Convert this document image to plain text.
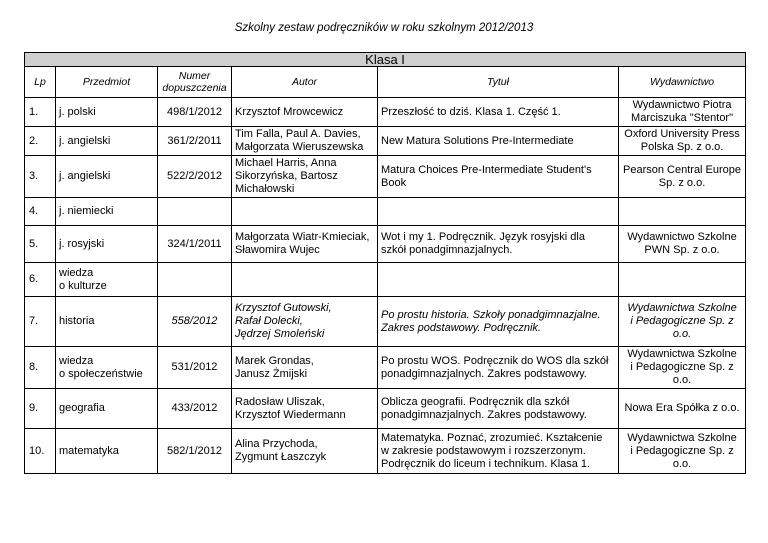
Szkolny zestaw podręczników w roku szkolnym 2012/2013
Klasa I					
Lp	Przedmiot	Numer
dopuszczenia	Autor	Tytuł	Wydawnictwo
1.	j. polski	498/1/2012	Krzysztof Mrowcewicz	Przeszłość to dziś. Klasa 1. Część 1.	Wydawnictwo Piotra
Marciszuka "Stentor"
2.	j. angielski	361/2/2011	Tim Falla, Paul A. Davies,
Małgorzata Wieruszewska	New Matura Solutions Pre-Intermediate	Oxford University Press
Polska Sp. z o.o.
3.	j. angielski	522/2/2012	Michael Harris, Anna
Sikorzyńska, Bartosz
Michałowski	Matura Choices Pre-Intermediate Student's
Book	Pearson Central Europe
Sp. z o.o.
4.	j. niemiecki				
5.	j. rosyjski	324/1/2011	Małgorzata Wiatr-Kmieciak,
Sławomira Wujec	Wot i my 1. Podręcznik. Język rosyjski dla
szkół ponadgimnazjalnych.	Wydawnictwo Szkolne
PWN Sp. z o.o.
6.	wiedza
o kulturze				
7.	historia	558/2012	Krzysztof Gutowski,
Rafał Dolecki,
Jędrzej Smoleński	Po prostu historia. Szkoły ponadgimnazjalne.
Zakres podstawowy. Podręcznik.	Wydawnictwa Szkolne
i Pedagogiczne Sp. z o.o.
8.	wiedza
o społeczeństwie	531/2012	Marek Grondas,
Janusz Żmijski	Po prostu WOS. Podręcznik do WOS dla szkół
ponadgimnazjalnych. Zakres podstawowy.	Wydawnictwa Szkolne
i Pedagogiczne Sp. z o.o.
9.	geografia	433/2012	Radosław Uliszak,
Krzysztof Wiedermann	Oblicza geografii. Podręcznik dla szkół
ponadgimnazjalnych. Zakres podstawowy.	Nowa Era Spółka z o.o.
10.	matematyka	582/1/2012	Alina Przychoda,
Zygmunt Łaszczyk	Matematyka. Poznać, zrozumieć. Kształcenie
w zakresie podstawowym i rozszerzonym.
Podręcznik do liceum i technikum. Klasa 1.	Wydawnictwa Szkolne
i Pedagogiczne Sp. z o.o.
